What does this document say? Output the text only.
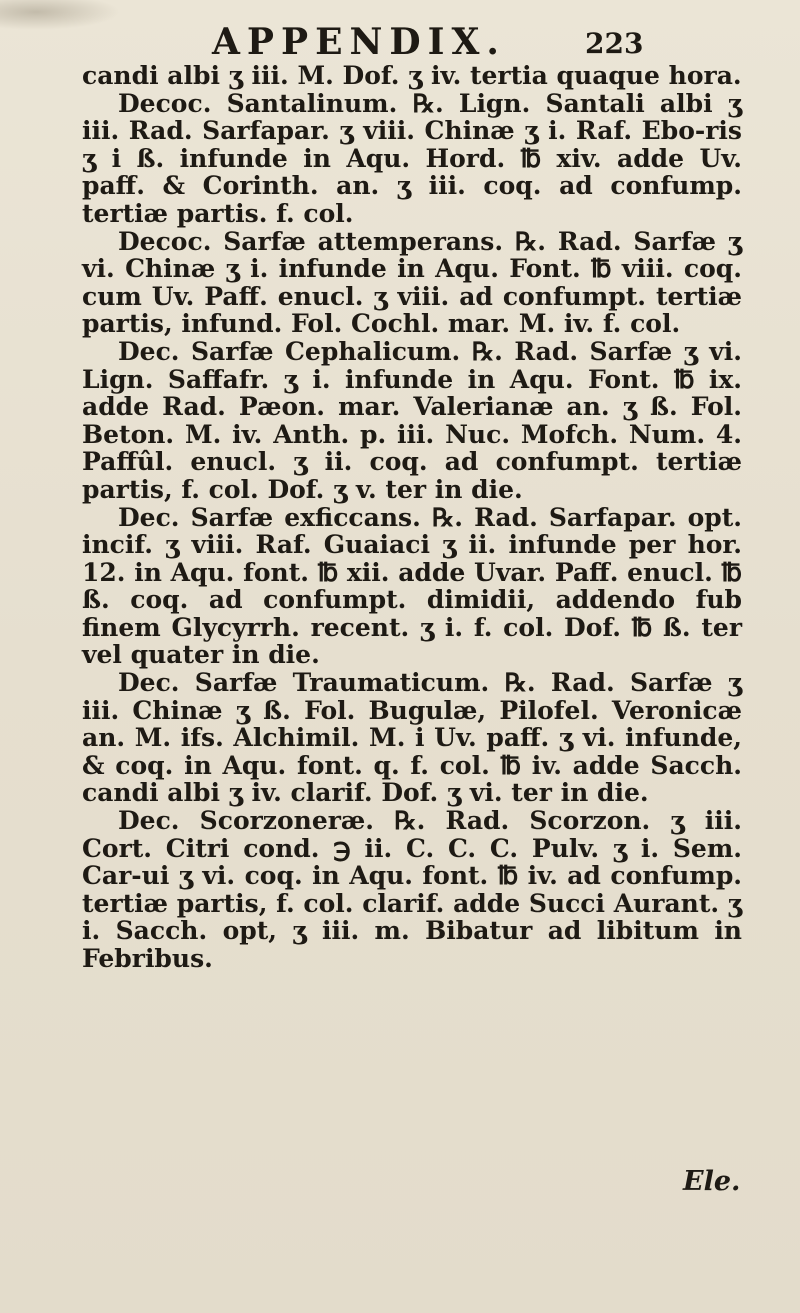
APPENDIX.	223

candi albi ʒ iii. M. Dof. ʒ iv. tertia quaque hora.

Decoc. Santalinum. ℞. Lign. Santali albi ʒ iii. Rad. Sarfapar. ʒ viii. Chinæ ʒ i. Raf. Ebo-ris ʒ i ß. infunde in Aqu. Hord. ℔ xiv. adde Uv. paff. & Corinth. an. ʒ iii. coq. ad confump. tertiæ partis. f. col.

Decoc. Sarfæ attemperans. ℞. Rad. Sarfæ ʒ vi. Chinæ ʒ i. infunde in Aqu. Font. ℔ viii. coq. cum Uv. Paff. enucl. ʒ viii. ad confumpt. tertiæ partis, infund. Fol. Cochl. mar. M. iv. f. col.

Dec. Sarfæ Cephalicum. ℞. Rad. Sarfæ ʒ vi. Lign. Saffafr. ʒ i. infunde in Aqu. Font. ℔ ix. adde Rad. Pæon. mar. Valerianæ an. ʒ ß. Fol. Beton. M. iv. Anth. p. iii. Nuc. Mofch. Num. 4. Paffûl. enucl. ʒ ii. coq. ad confumpt. tertiæ partis, f. col. Dof. ʒ v. ter in die.

Dec. Sarfæ exficcans. ℞. Rad. Sarfapar. opt. incif. ʒ viii. Raf. Guaiaci ʒ ii. infunde per hor. 12. in Aqu. font. ℔ xii. adde Uvar. Paff. enucl. ℔ ß. coq. ad confumpt. dimidii, addendo fub finem Glycyrrh. recent. ʒ i. f. col. Dof. ℔ ß. ter vel quater in die.

Dec. Sarfæ Traumaticum. ℞. Rad. Sarfæ ʒ iii. Chinæ ʒ ß. Fol. Bugulæ, Pilofel. Veronicæ an. M. ifs. Alchimil. M. i Uv. paff. ʒ vi. infunde, & coq. in Aqu. font. q. f. col. ℔ iv. adde Sacch. candi albi ʒ iv. clarif. Dof. ʒ vi. ter in die.

Dec. Scorzoneræ. ℞. Rad. Scorzon. ʒ iii. Cort. Citri cond. ℈ ii. C. C. C. Pulv. ʒ i. Sem. Car-ui ʒ vi. coq. in Aqu. font. ℔ iv. ad confump. tertiæ partis, f. col. clarif. adde Succi Aurant. ʒ i. Sacch. opt, ʒ iii. m. Bibatur ad libitum in Febribus.

Ele.
